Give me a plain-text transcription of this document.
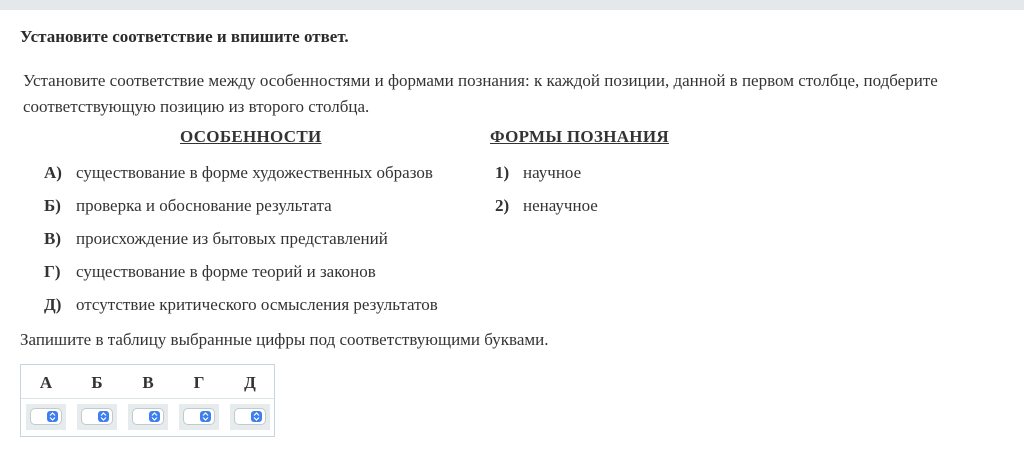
Установите соответствие и впишите ответ.
Установите соответствие между особенностями и формами познания: к каждой позиции, данной в первом столбце, подберите соответствующую позицию из второго столбца.
ОСОБЕННОСТИ	ФОРМЫ ПОЗНАНИЯ
А) существование в форме художественных образов
Б) проверка и обоснование результата
В) происхождение из бытовых представлений
Г) существование в форме теорий и законов
Д) отсутствие критического осмысления результатов
1) научное
2) ненаучное
Запишите в таблицу выбранные цифры под соответствующими буквами.
А	Б	В	Г	Д
